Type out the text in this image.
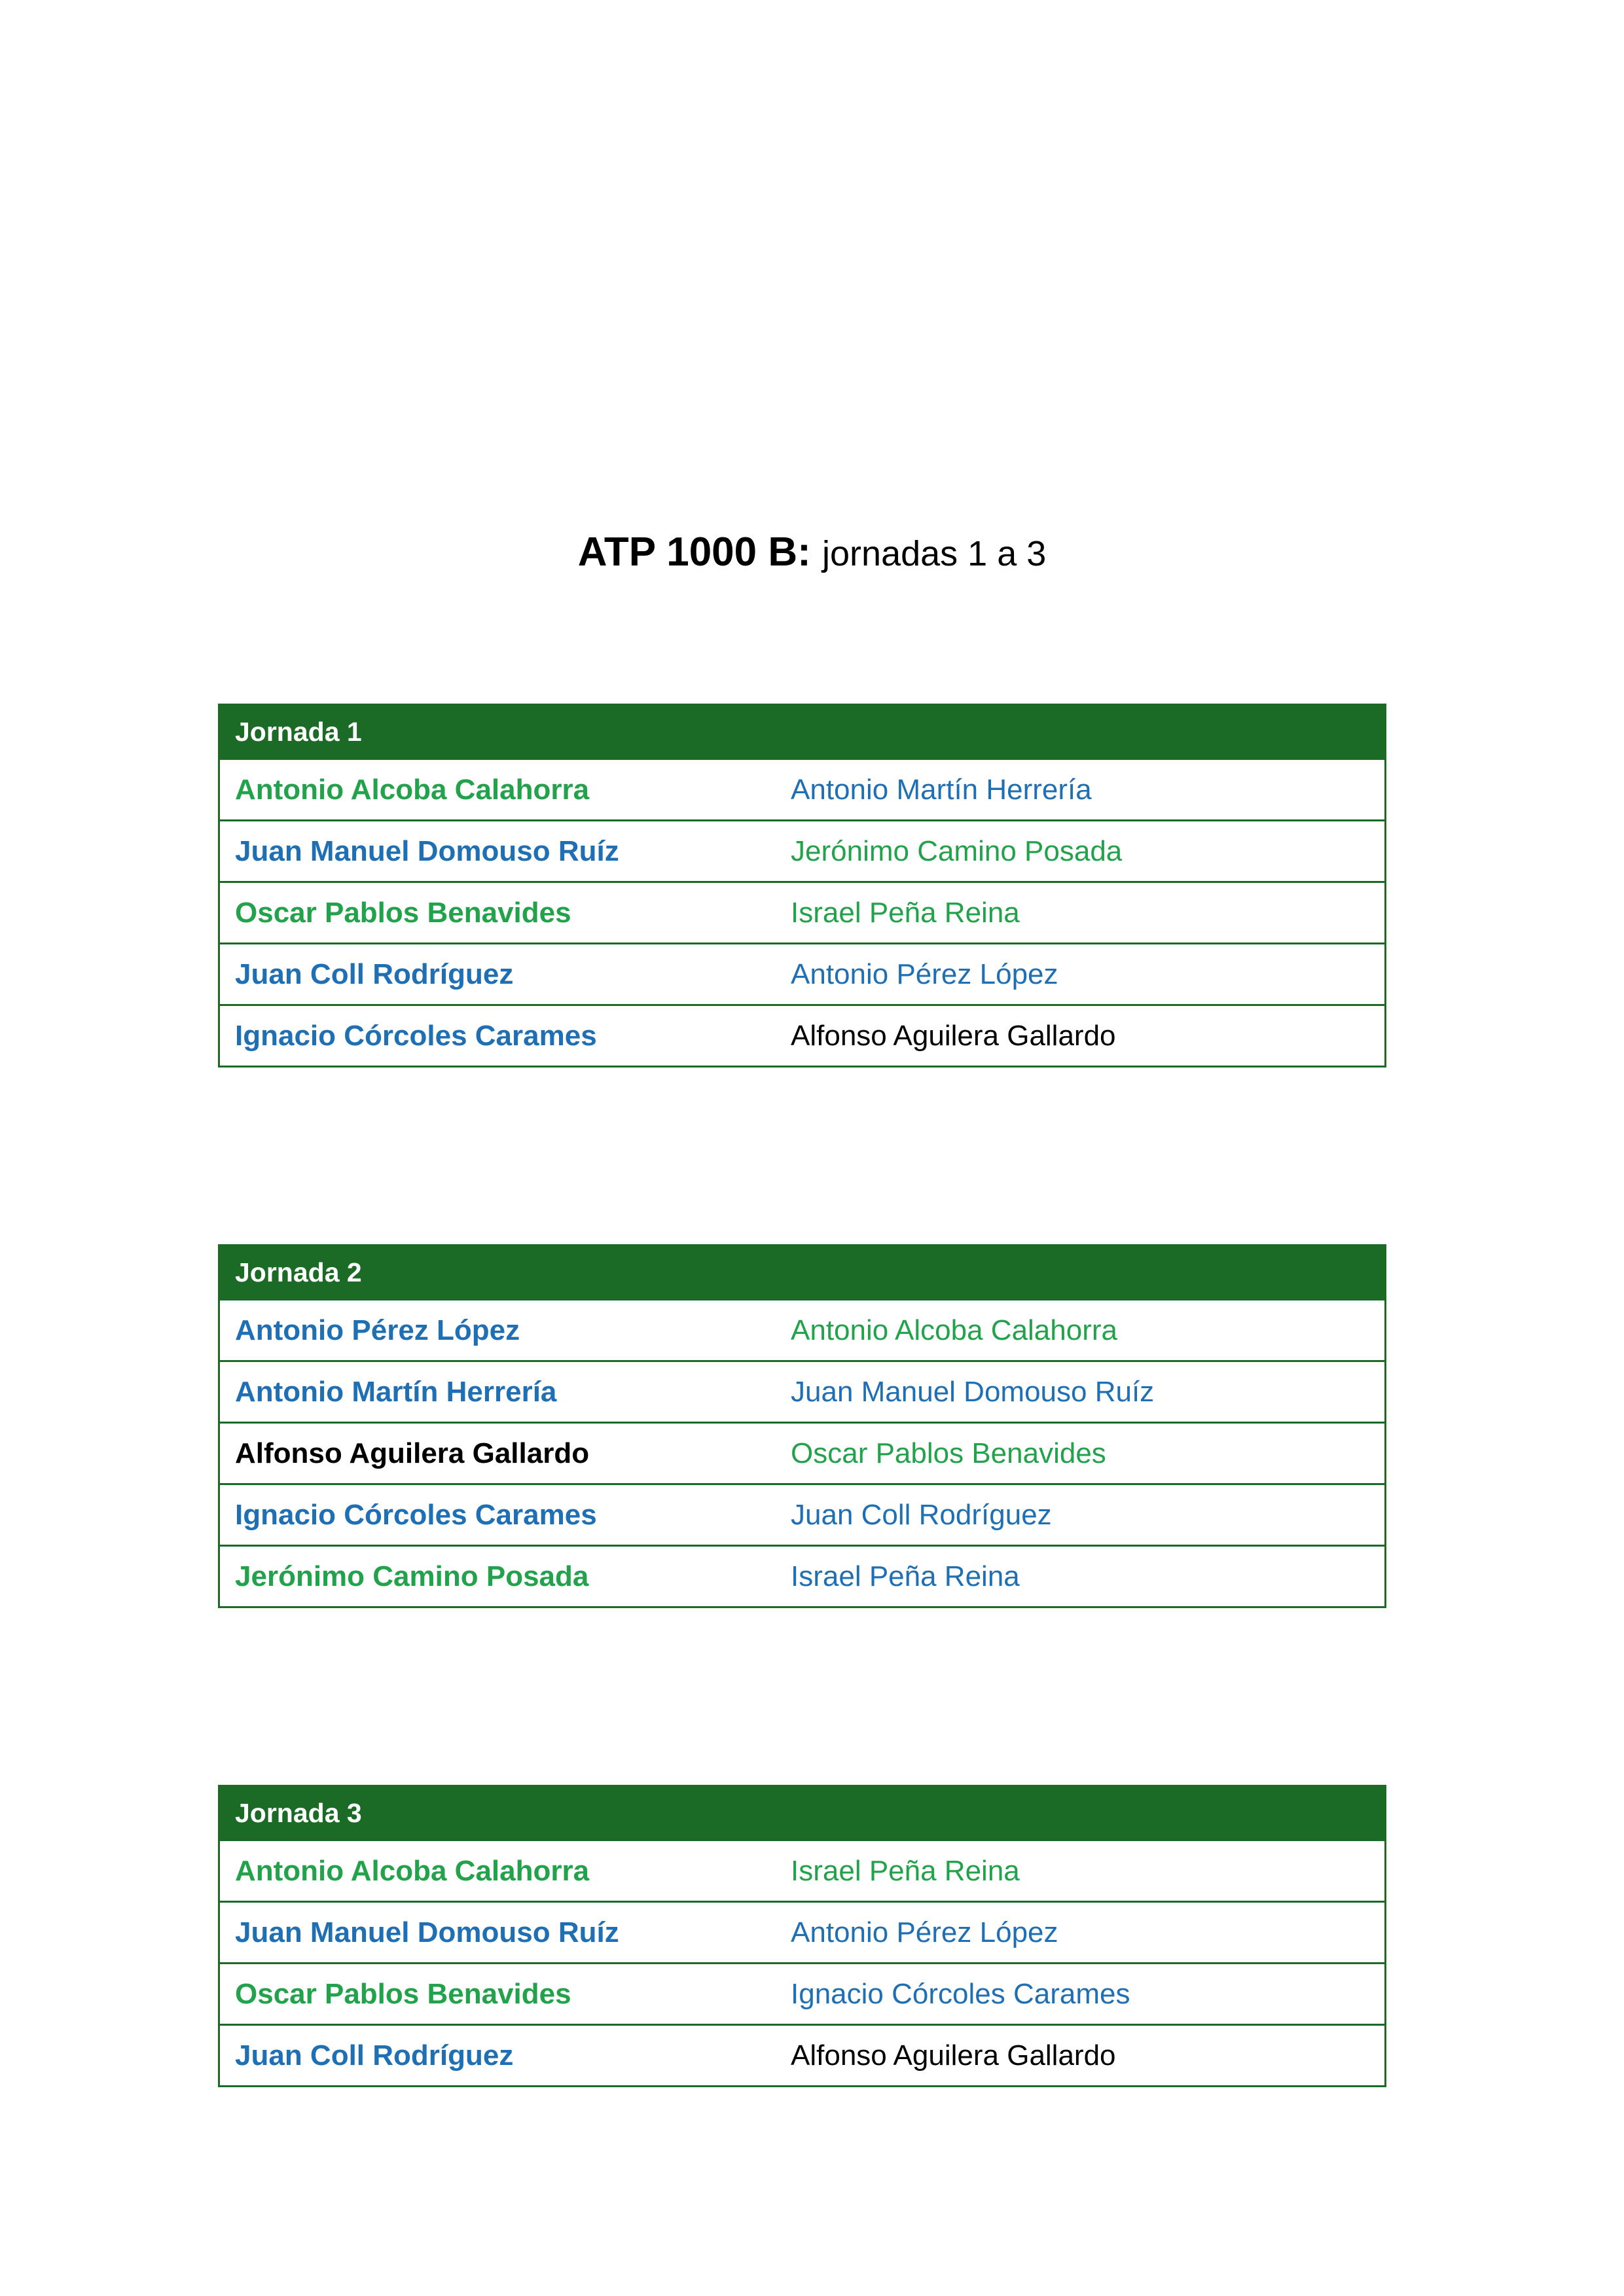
ATP 1000 B: jornadas 1 a 3
Jornada 1
Antonio Alcoba Calahorra	Antonio Martín Herrería
Juan Manuel Domouso Ruíz	Jerónimo Camino Posada
Oscar Pablos Benavides	Israel Peña Reina
Juan Coll Rodríguez	Antonio Pérez López
Ignacio Córcoles Carames	Alfonso Aguilera Gallardo
Jornada 2
Antonio Pérez López	Antonio Alcoba Calahorra
Antonio Martín Herrería	Juan Manuel Domouso Ruíz
Alfonso Aguilera Gallardo	Oscar Pablos Benavides
Ignacio Córcoles Carames	Juan Coll Rodríguez
Jerónimo Camino Posada	Israel Peña Reina
Jornada 3
Antonio Alcoba Calahorra	Israel Peña Reina
Juan Manuel Domouso Ruíz	Antonio Pérez López
Oscar Pablos Benavides	Ignacio Córcoles Carames
Juan Coll Rodríguez	Alfonso Aguilera Gallardo
